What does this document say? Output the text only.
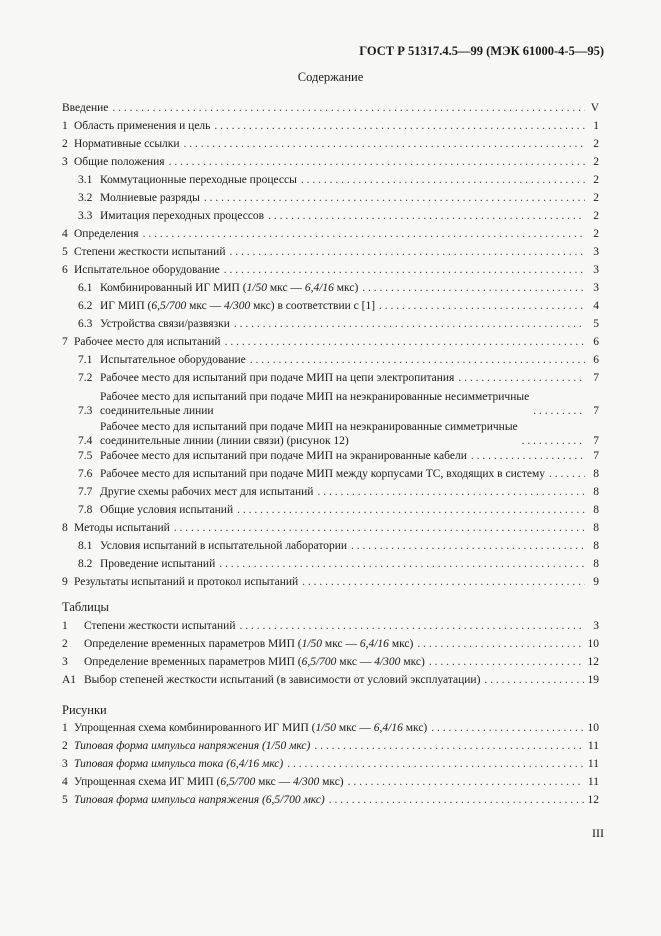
ГОСТ Р 51317.4.5—99 (МЭК 61000-4-5—95)
Содержание
Введение . . .	V
1 Область применения и цель . . .	1
2 Нормативные ссылки . . .	2
3 Общие положения . . .	2
3.1 Коммутационные переходные процессы . . .	2
3.2 Молниевые разряды . . .	2
3.3 Имитация переходных процессов . . .	2
4 Определения . . .	2
5 Степени жесткости испытаний . . .	3
6 Испытательное оборудование . . .	3
6.1 Комбинированный ИГ МИП (1/50 мкс — 6,4/16 мкс) . . .	3
6.2 ИГ МИП (6,5/700 мкс — 4/300 мкс) в соответствии с [1] . . .	4
6.3 Устройства связи/развязки . . .	5
7 Рабочее место для испытаний . . .	6
7.1 Испытательное оборудование . . .	6
7.2 Рабочее место для испытаний при подаче МИП на цепи электропитания . . .	7
7.3
Рабочее место для испытаний при подаче МИП на неэкранированные несимметричные
соединительные линии . . .	7
7.4
Рабочее место для испытаний при подаче МИП на неэкранированные симметричные
соединительные линии (линии связи) (рисунок 12) . . .	7
7.5 Рабочее место для испытаний при подаче МИП на экранированные кабели . . .	7
7.6 Рабочее место для испытаний при подаче МИП между корпусами ТС, входящих в систему . . .	8
7.7 Другие схемы рабочих мест для испытаний . . .	8
7.8 Общие условия испытаний . . .	8
8 Методы испытаний . . .	8
8.1 Условия испытаний в испытательной лаборатории . . .	8
8.2 Проведение испытаний . . .	8
9 Результаты испытаний и протокол испытаний . . .	9
1	Степени жесткости испытаний . . .	3
2	Определение временных параметров МИП (1/50 мкс — 6,4/16 мкс) . . .	10
3	Определение временных параметров МИП (6,5/700 мкс — 4/300 мкс) . . .	12
A1 Выбор степеней жесткости испытаний (в зависимости от условий эксплуатации) . . .	19
1 Упрощенная схема комбинированного ИГ МИП (1/50 мкс — 6,4/16 мкс) . . .	10
2 Типовая форма импульса напряжения (1/50 мкс) . . .	11
3 Типовая форма импульса тока (6,4/16 мкс) . . .	11
4 Упрощенная схема ИГ МИП (6,5/700 мкс — 4/300 мкс) . . .	11
5 Типовая форма импульса напряжения (6,5/700 мкс) . . .	12
Таблицы
Рисунки
III
